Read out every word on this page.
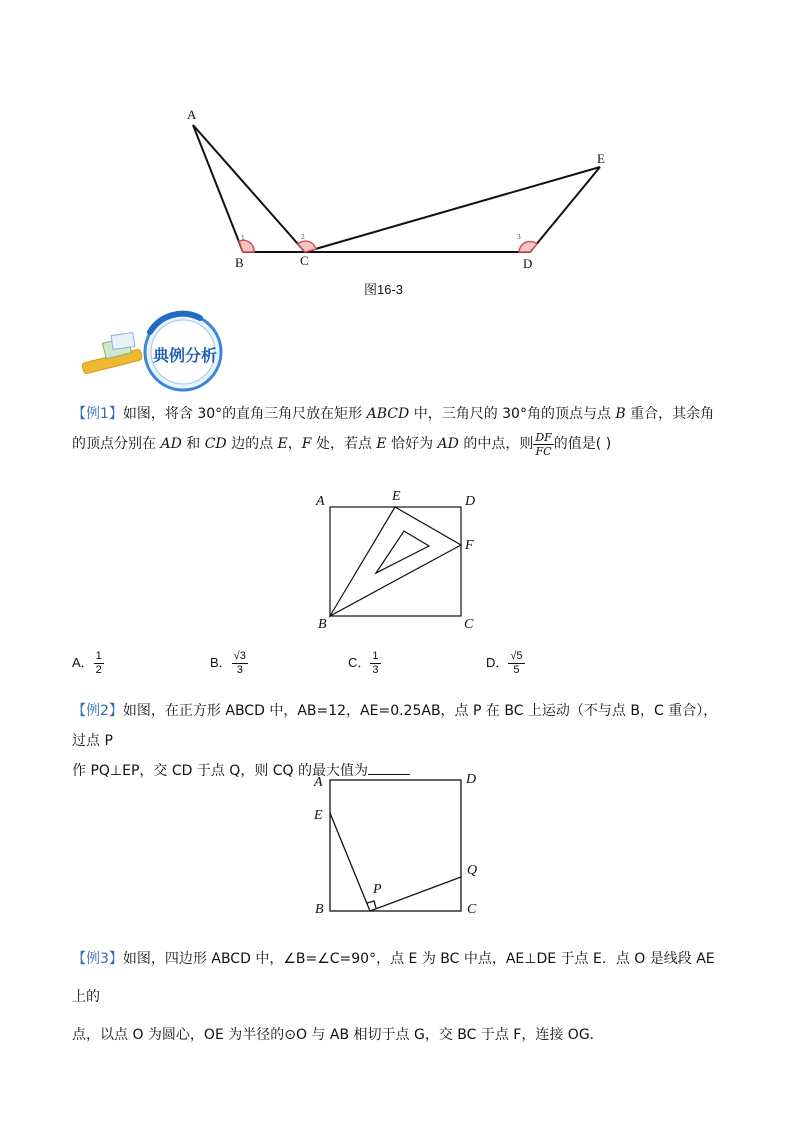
A
B	C	D
E
1	2	3
图16-3
典例分析
【例1】如图，将含 30°的直角三角尺放在矩形 ABCD 中，三角尺的 30°角的顶点与点 B 重合，其余角的顶点分别在 AD 和 CD 边的点 E，F 处，若点 E 恰好为 AD 的中点，则 $\frac{DF}{FC}$ 的值是( )
A	E	D
F
B	C
A． $\frac{1}{2}$	B． $\frac{√3}{3}$	C． $\frac{1}{3}$	D． $\frac{√5}{5}$
【例2】如图，在正方形 ABCD 中，AB=12，AE=0.25AB，点 P 在 BC 上运动（不与点 B，C 重合），过点 P
作 PQ⊥EP，交 CD 于点 Q，则 CQ 的最大值为
A	D
E
P
Q
B	C
【例3】如图，四边形 ABCD 中，∠B=∠C=90°，点 E 为 BC 中点，AE⊥DE 于点 E．点 O 是线段 AE 上的
点，以点 O 为圆心，OE 为半径的⊙O 与 AB 相切于点 G，交 BC 于点 F，连接 OG．
